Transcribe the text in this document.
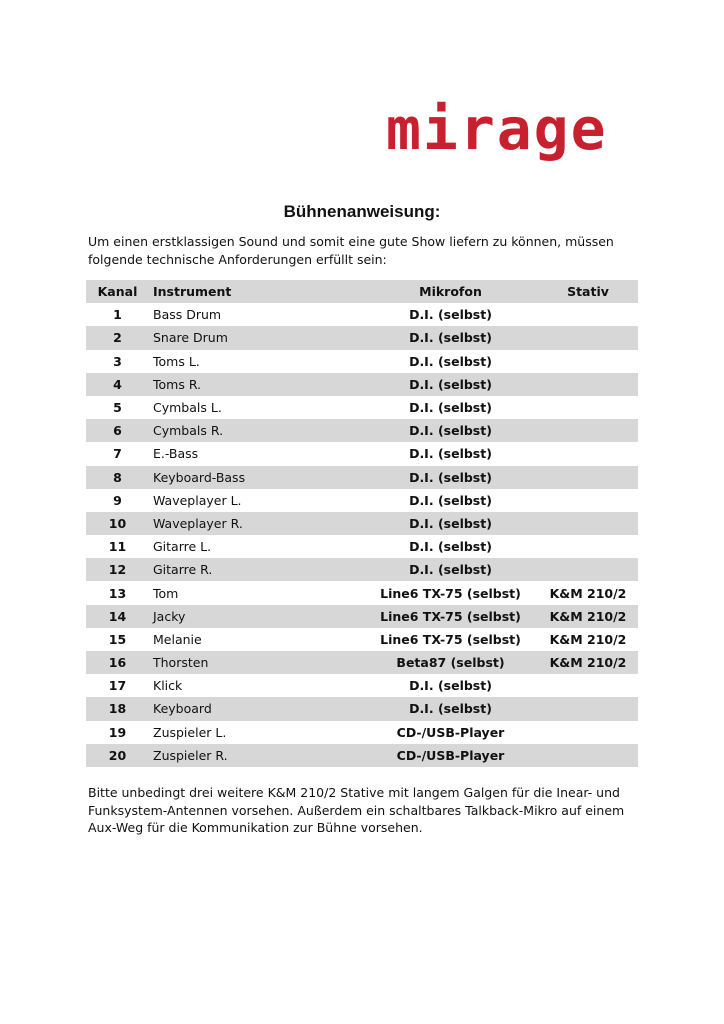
mirage
Bühnenanweisung:
Um einen erstklassigen Sound und somit eine gute Show liefern zu können, müssen folgende technische Anforderungen erfüllt sein:
Kanal	Instrument	Mikrofon	Stativ
1	Bass Drum	D.I. (selbst)	
2	Snare Drum	D.I. (selbst)	
3	Toms L.	D.I. (selbst)	
4	Toms R.	D.I. (selbst)	
5	Cymbals L.	D.I. (selbst)	
6	Cymbals R.	D.I. (selbst)	
7	E.-Bass	D.I. (selbst)	
8	Keyboard-Bass	D.I. (selbst)	
9	Waveplayer L.	D.I. (selbst)	
10	Waveplayer R.	D.I. (selbst)	
11	Gitarre L.	D.I. (selbst)	
12	Gitarre R.	D.I. (selbst)	
13	Tom	Line6 TX-75 (selbst)	K&M 210/2
14	Jacky	Line6 TX-75 (selbst)	K&M 210/2
15	Melanie	Line6 TX-75 (selbst)	K&M 210/2
16	Thorsten	Beta87 (selbst)	K&M 210/2
17	Klick	D.I. (selbst)	
18	Keyboard	D.I. (selbst)	
19	Zuspieler L.	CD-/USB-Player	
20	Zuspieler R.	CD-/USB-Player	
Bitte unbedingt drei weitere K&M 210/2 Stative mit langem Galgen für die Inear- und Funksystem-Antennen vorsehen. Außerdem ein schaltbares Talkback-Mikro auf einem Aux-Weg für die Kommunikation zur Bühne vorsehen.
